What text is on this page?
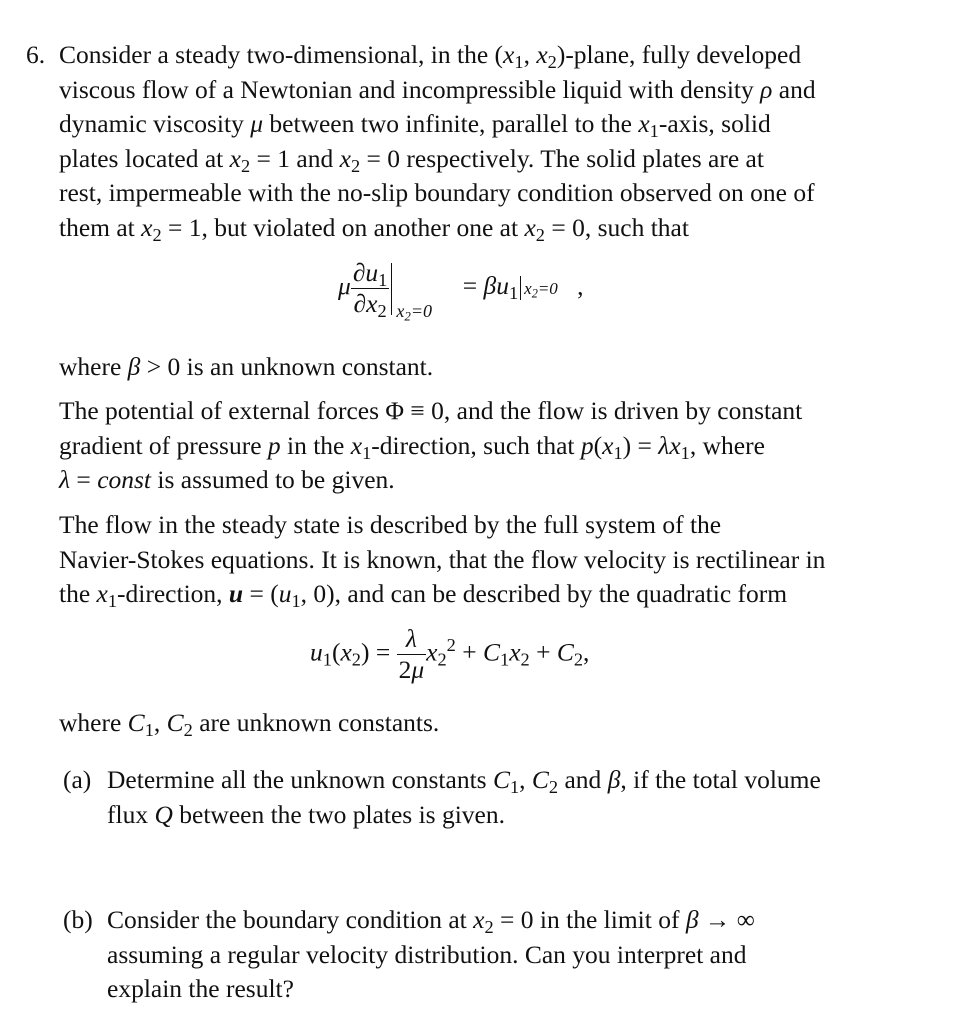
6. Consider a steady two-dimensional, in the ($x_1$, $x_2$)-plane, fully developed
viscous flow of a Newtonian and incompressible liquid with density ρ and
dynamic viscosity μ between two infinite, parallel to the $x_1$-axis, solid
plates located at $x_2 = 1$ and $x_2 = 0$ respectively. The solid plates are at
rest, impermeable with the no-slip boundary condition observed on one of
them at $x_2 = 1$, but violated on another one at $x_2 = 0$, such that
μ $\frac{\partial u_1}{\partial x_2} x_2=0$
= $\beta u_1$ $x_2=0$ ,
where β > 0 is an unknown constant.
The potential of external forces Φ ≡ 0, and the flow is driven by constant
gradient of pressure p in the $x_1$-direction, such that $p(x_1) = \lambda x_1$, where
λ = const is assumed to be given.
The flow in the steady state is described by the full system of the
Navier-Stokes equations. It is known, that the flow velocity is rectilinear in
the $x_1$-direction, $u = (u_1$, 0), and can be described by the quadratic form
$u_1(x_2) = \frac{\lambda}{2\mu} x_2^2 + C_1x_2 + C_2$,
where $C_1$, $C_2$ are unknown constants.
(a) Determine all the unknown constants $C_1$, $C_2$ and β, if the total volume
flux Q between the two plates is given.
(b) Consider the boundary condition at $x_2 = 0$ in the limit of β → ∞
assuming a regular velocity distribution. Can you interpret and
explain the result?
